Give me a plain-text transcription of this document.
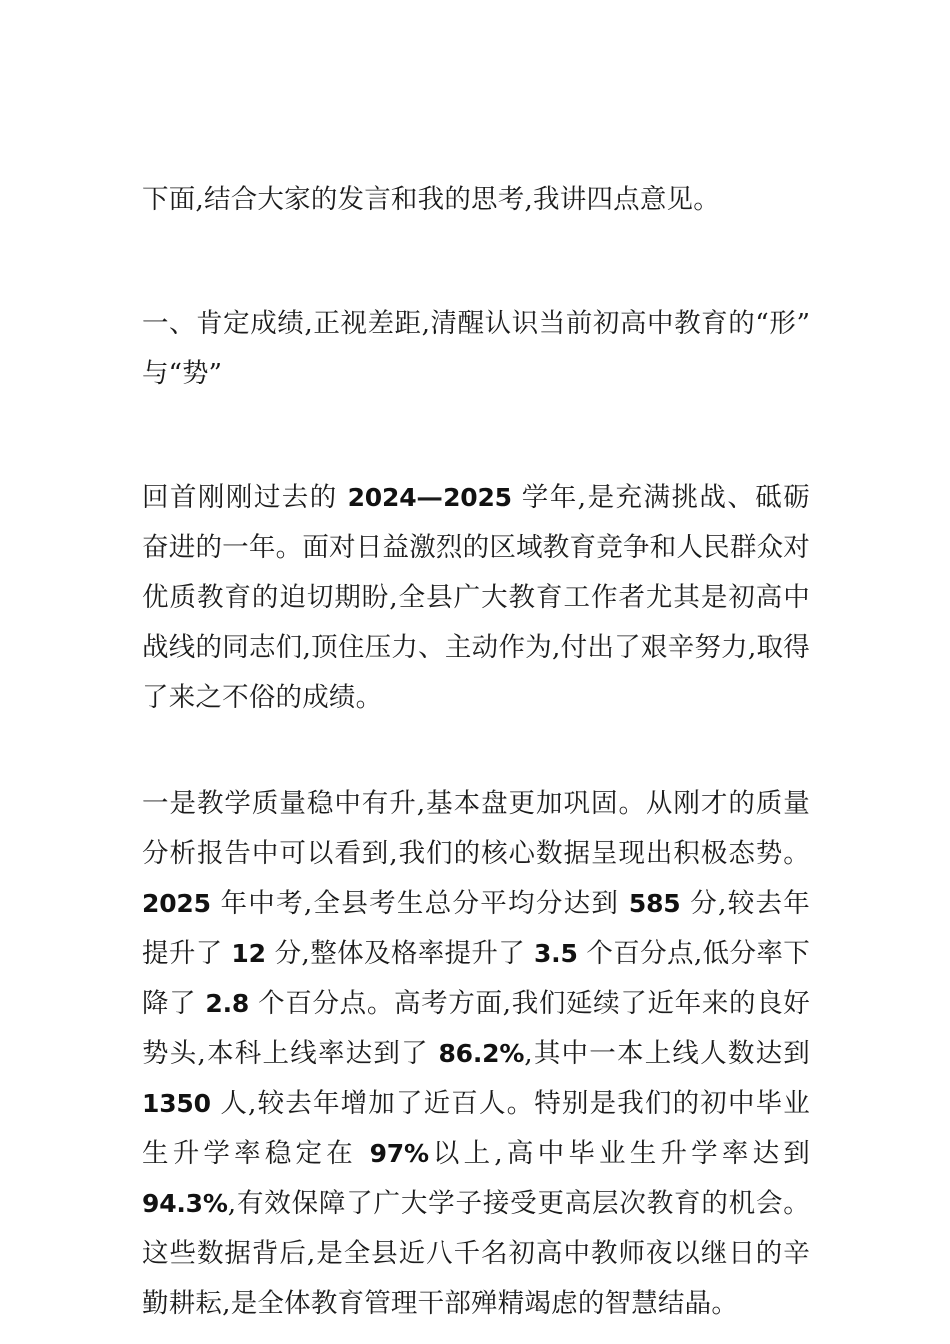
下面,结合大家的发言和我的思考,我讲四点意见。

一、肯定成绩,正视差距,清醒认识当前初高中教育的“形”与“势”

回首刚刚过去的 2024—2025 学年,是充满挑战、砥砺奋进的一年。面对日益激烈的区域教育竞争和人民群众对优质教育的迫切期盼,全县广大教育工作者尤其是初高中战线的同志们,顶住压力、主动作为,付出了艰辛努力,取得了来之不俗的成绩。

一是教学质量稳中有升,基本盘更加巩固。从刚才的质量分析报告中可以看到,我们的核心数据呈现出积极态势。2025 年中考,全县考生总分平均分达到 585 分,较去年提升了 12 分,整体及格率提升了 3.5 个百分点,低分率下降了 2.8 个百分点。高考方面,我们延续了近年来的良好势头,本科上线率达到了 86.2%,其中一本上线人数达到 1350 人,较去年增加了近百人。特别是我们的初中毕业生升学率稳定在 97%以上,高中毕业生升学率达到 94.3%,有效保障了广大学子接受更高层次教育的机会。这些数据背后,是全县近八千名初高中教师夜以继日的辛勤耕耘,是全体教育管理干部殚精竭虑的智慧结晶。
